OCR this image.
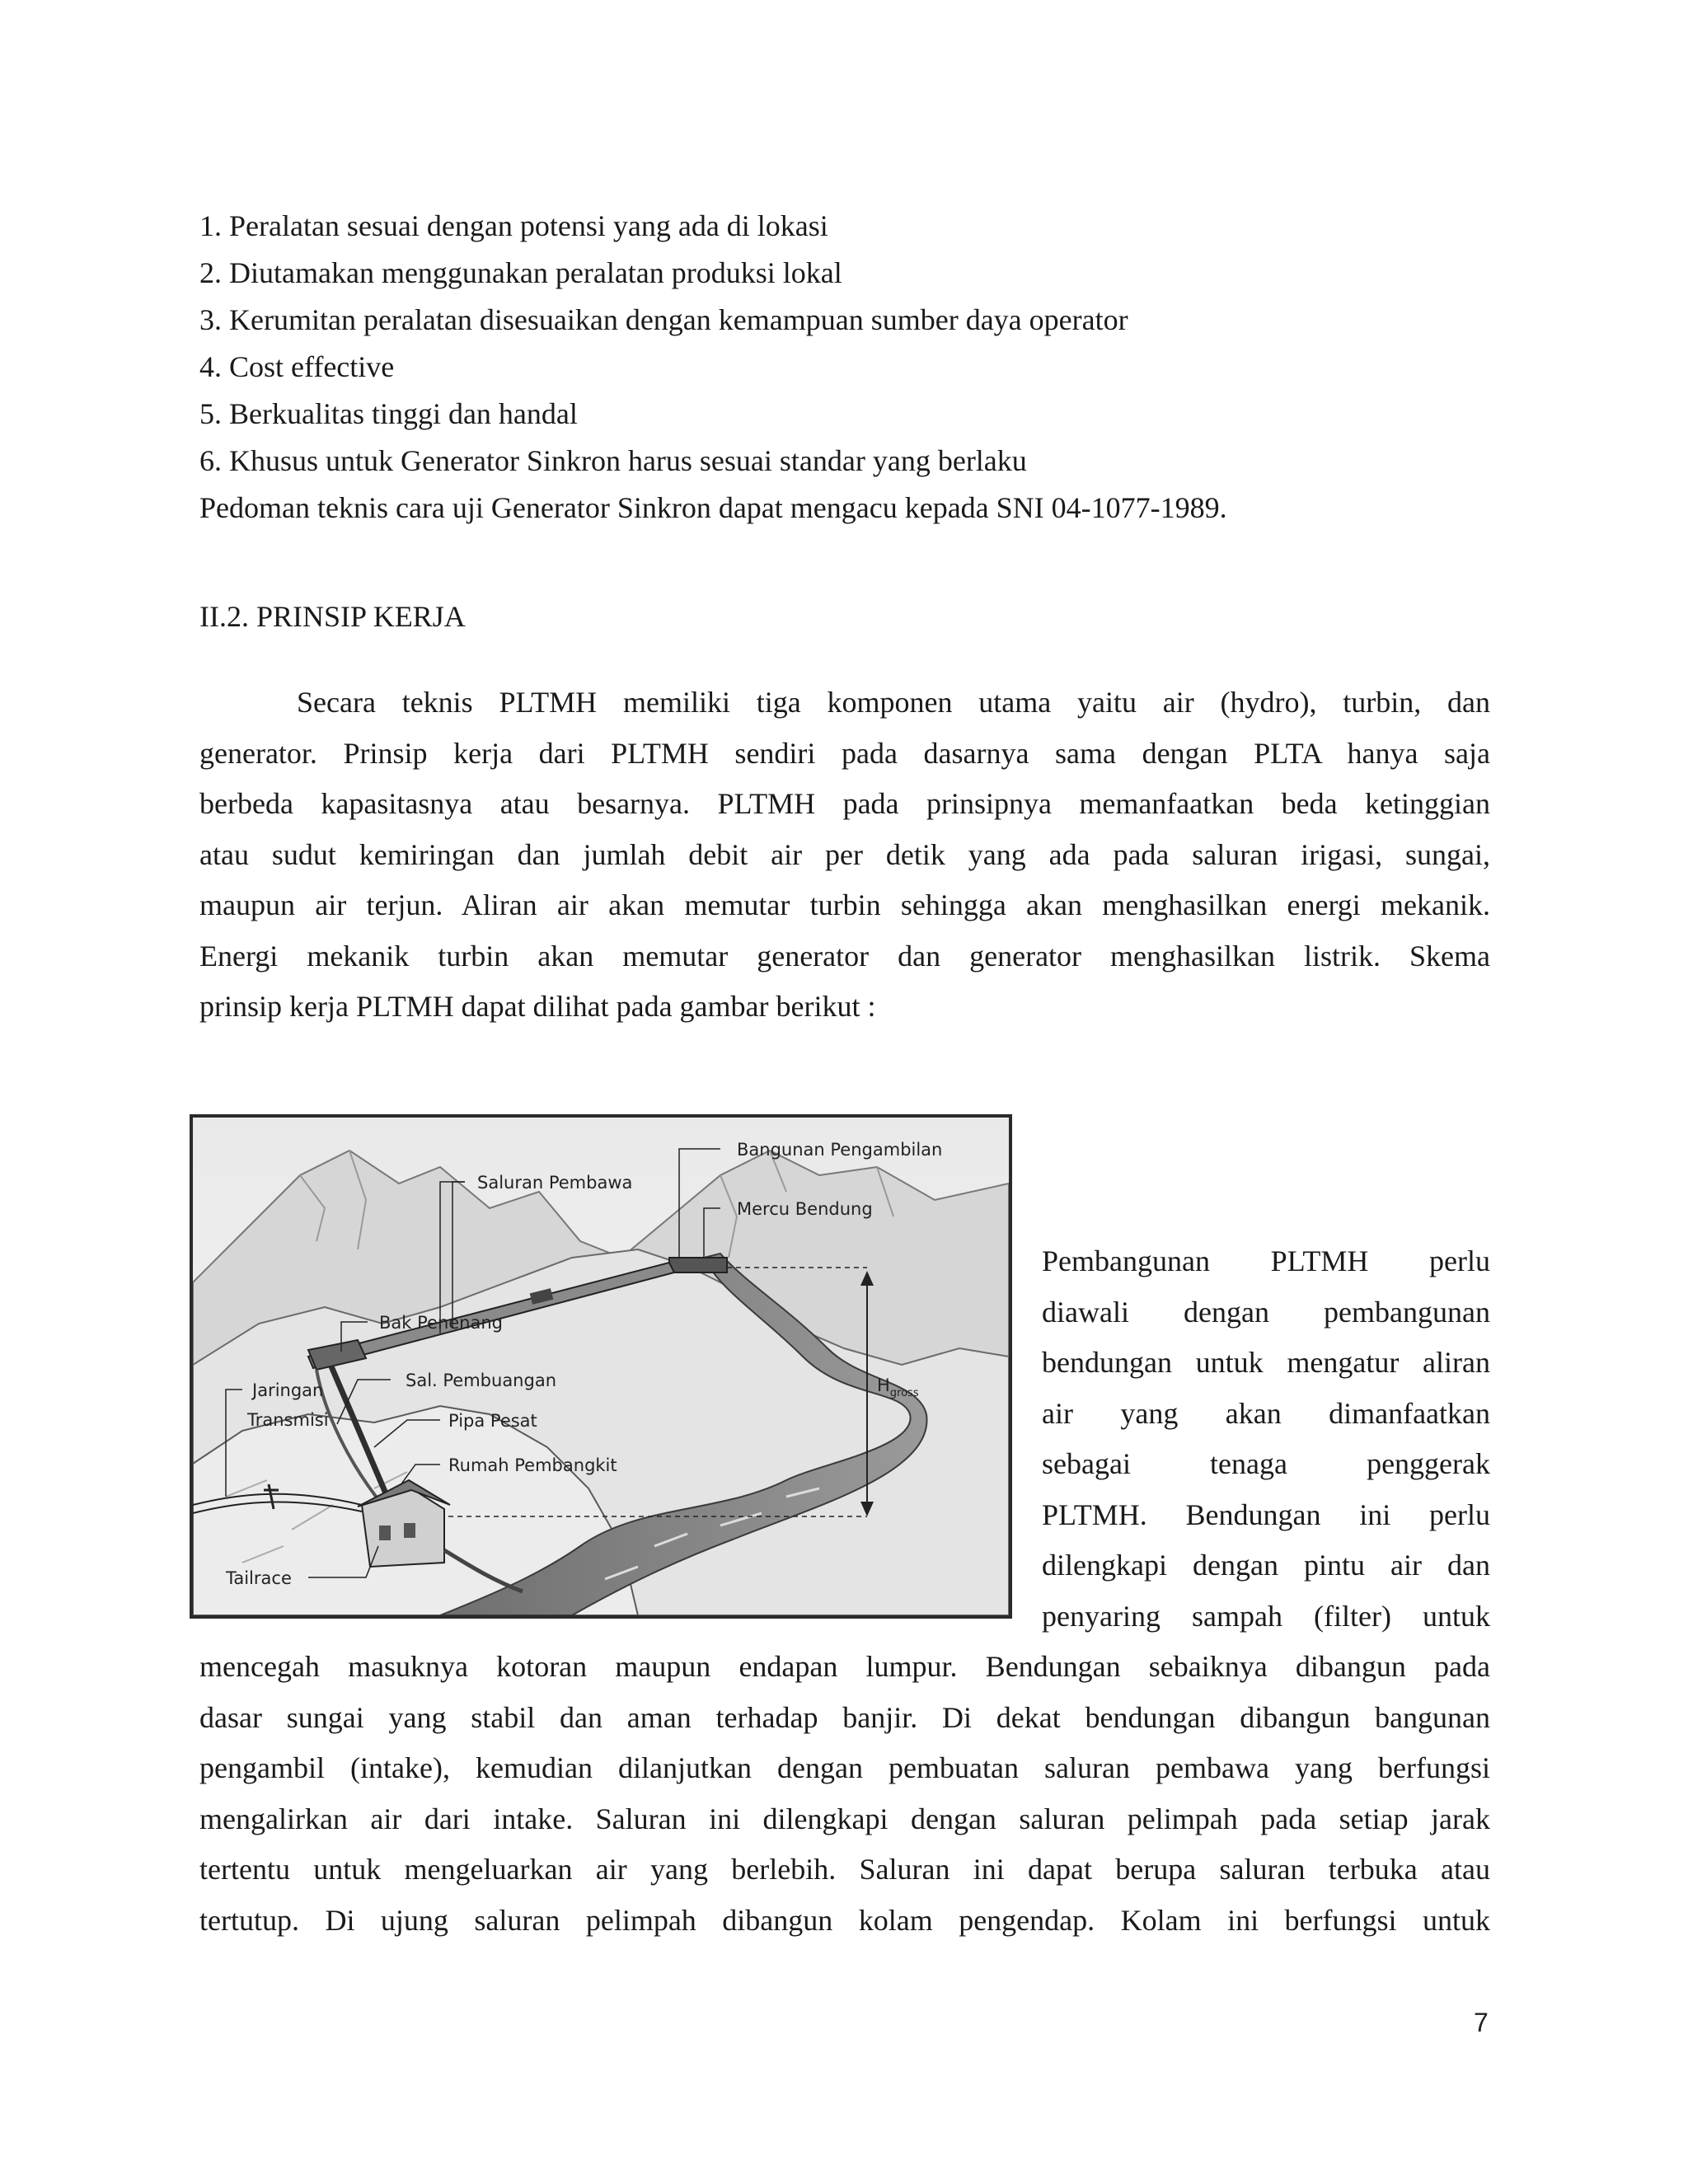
1. Peralatan sesuai dengan potensi yang ada di lokasi
2. Diutamakan menggunakan peralatan produksi lokal
3. Kerumitan peralatan disesuaikan dengan kemampuan sumber daya operator
4. Cost effective
5. Berkualitas tinggi dan handal
6. Khusus untuk Generator Sinkron harus sesuai standar yang berlaku
Pedoman teknis cara uji Generator Sinkron dapat mengacu kepada SNI 04-1077-1989.
II.2. PRINSIP KERJA
Secara teknis PLTMH memiliki tiga komponen utama yaitu air (hydro), turbin, dan
generator. Prinsip kerja dari PLTMH sendiri pada dasarnya sama dengan PLTA hanya saja
berbeda kapasitasnya atau besarnya. PLTMH pada prinsipnya memanfaatkan beda ketinggian
atau sudut kemiringan dan jumlah debit air per detik yang ada pada saluran irigasi, sungai,
maupun air terjun. Aliran air akan memutar turbin sehingga akan menghasilkan energi mekanik.
Energi mekanik turbin akan memutar generator dan generator menghasilkan listrik. Skema
prinsip kerja PLTMH dapat dilihat pada gambar berikut :
Bangunan Pengambilan
Saluran Pembawa
Mercu Bendung
Bak Penenang
Sal. Pembuangan
Jaringan
Transmisi	Pipa Pesat
Rumah Pembangkit
Tailrace
$H_{gross}$
Pembangunan PLTMH perlu
diawali dengan pembangunan
bendungan untuk mengatur aliran
air yang akan dimanfaatkan
sebagai tenaga penggerak
PLTMH. Bendungan ini perlu
dilengkapi dengan pintu air dan
penyaring sampah (filter) untuk
mencegah masuknya kotoran maupun endapan lumpur. Bendungan sebaiknya dibangun pada
dasar sungai yang stabil dan aman terhadap banjir. Di dekat bendungan dibangun bangunan
pengambil (intake), kemudian dilanjutkan dengan pembuatan saluran pembawa yang berfungsi
mengalirkan air dari intake. Saluran ini dilengkapi dengan saluran pelimpah pada setiap jarak
tertentu untuk mengeluarkan air yang berlebih. Saluran ini dapat berupa saluran terbuka atau
tertutup. Di ujung saluran pelimpah dibangun kolam pengendap. Kolam ini berfungsi untuk
7
